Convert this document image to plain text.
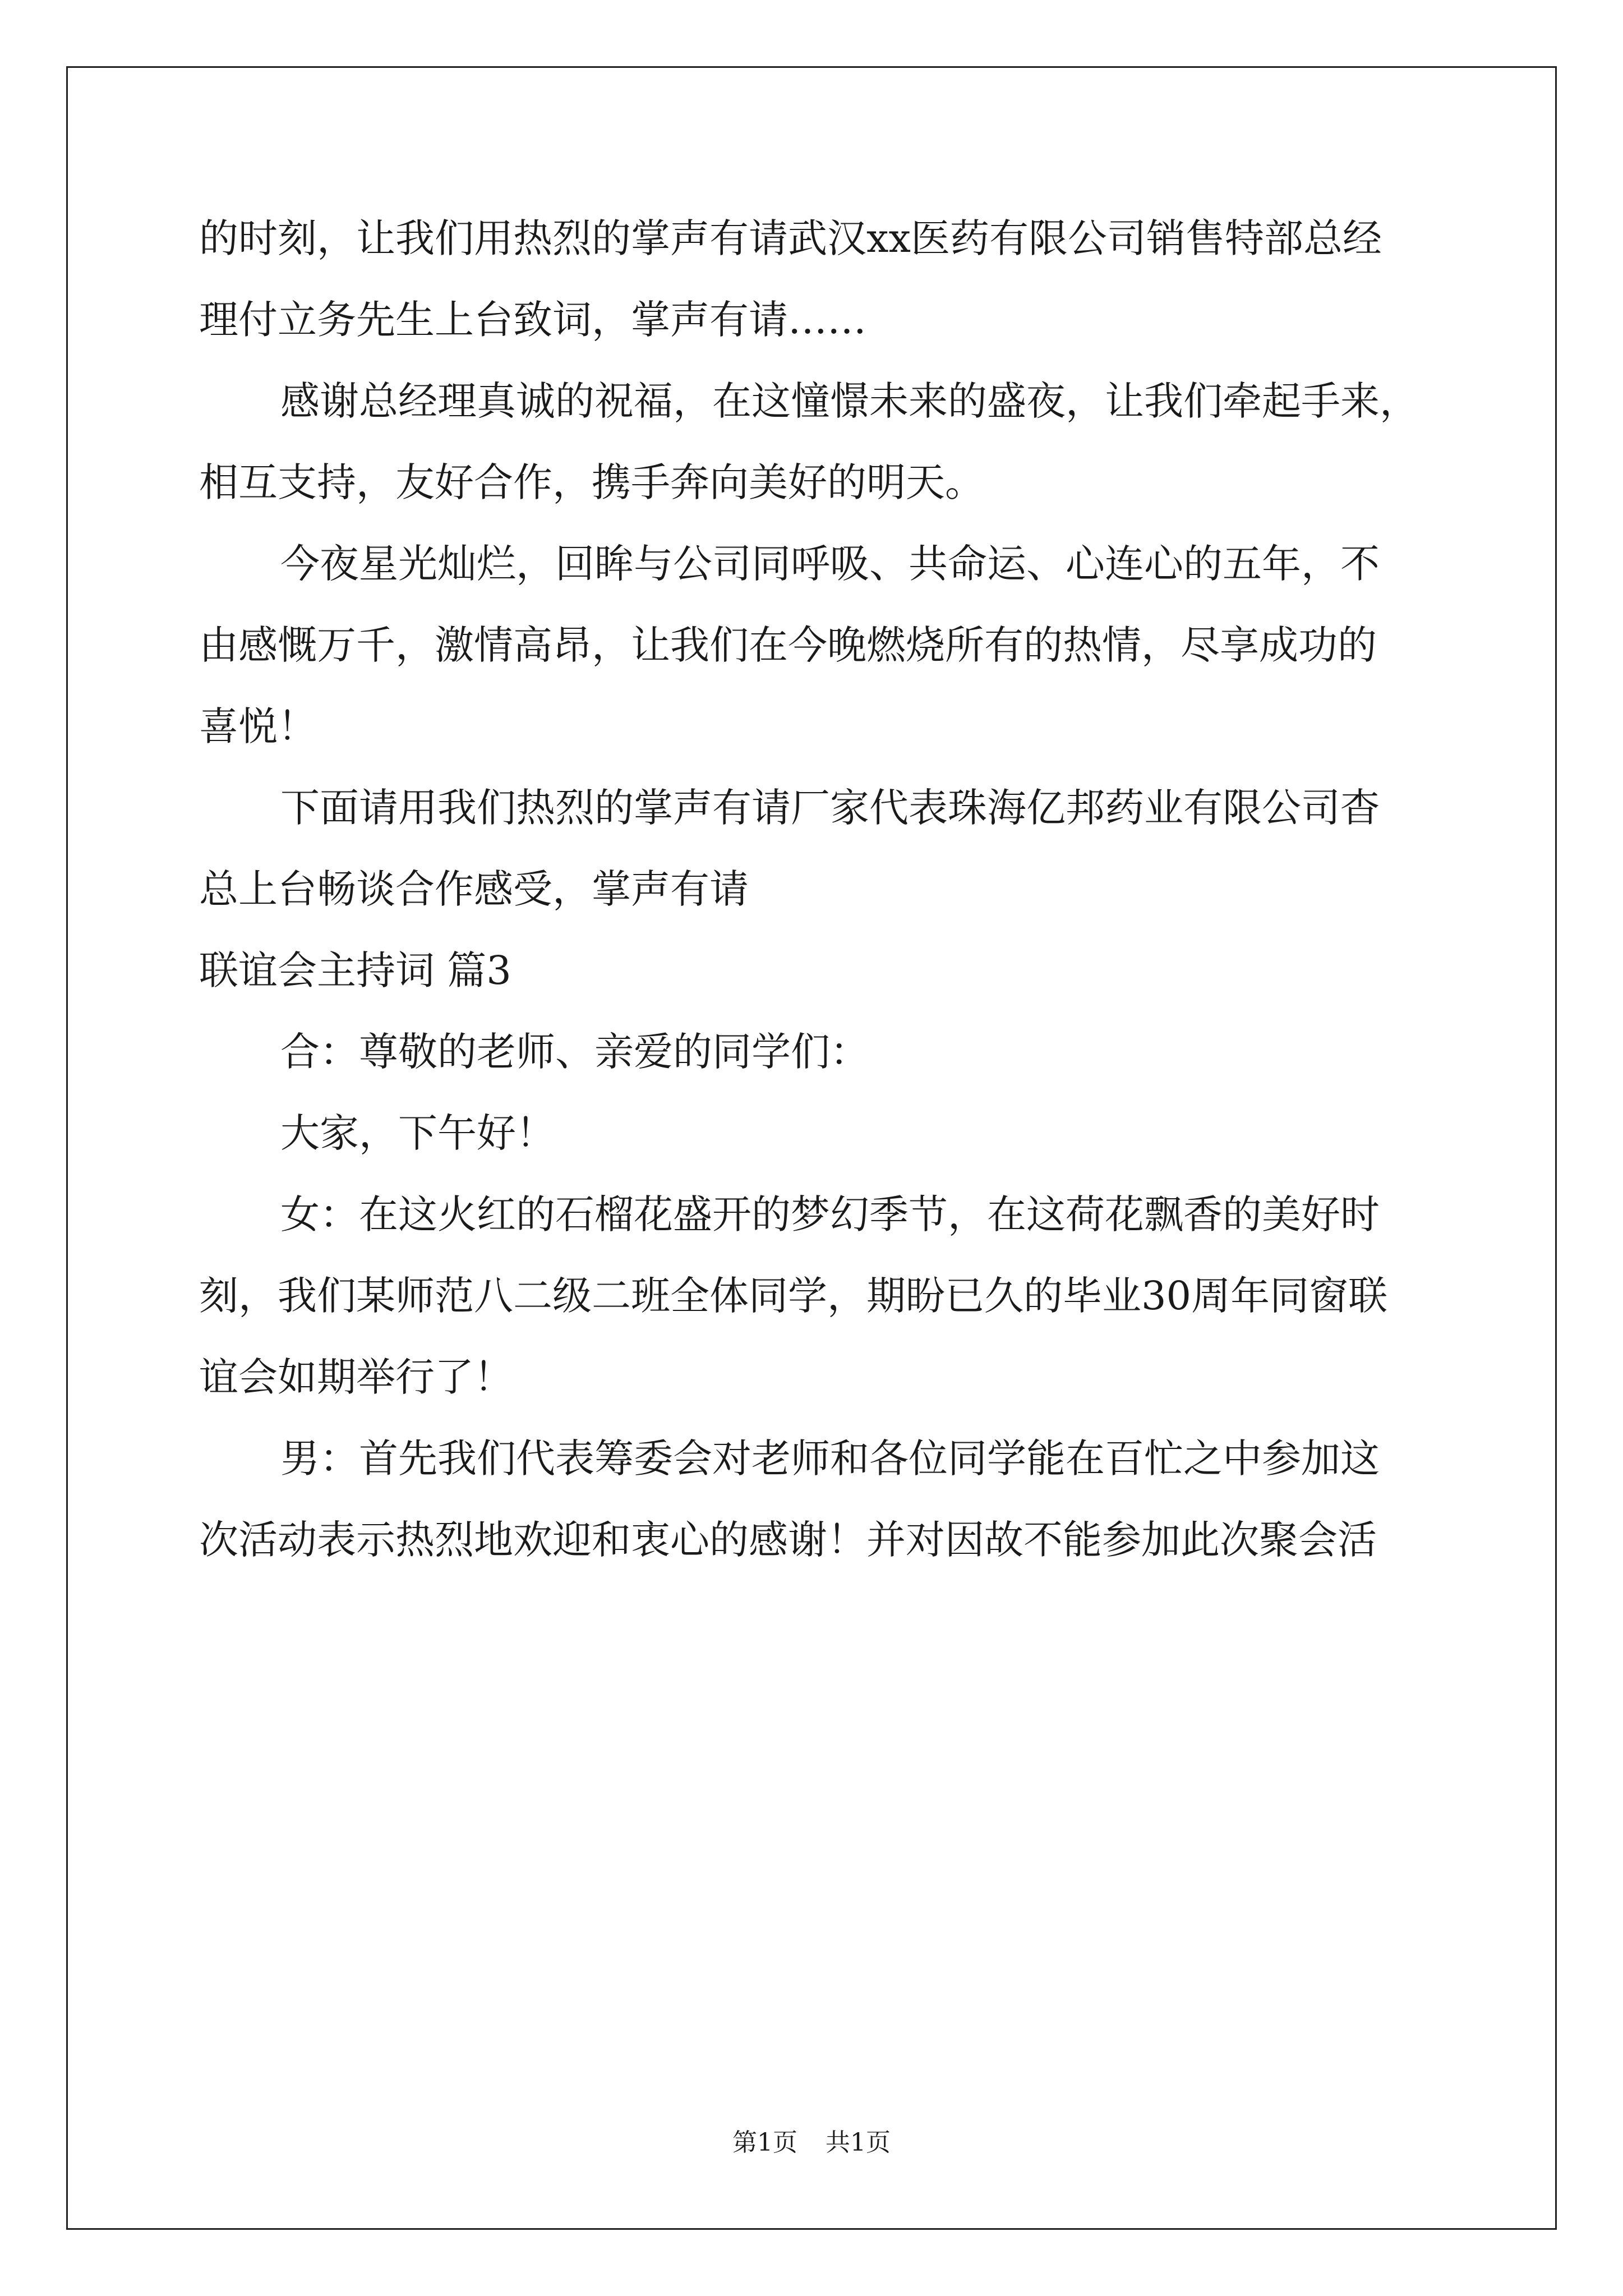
的时刻，让我们用热烈的掌声有请武汉xx医药有限公司销售特部总经
理付立务先生上台致词，掌声有请……
感谢总经理真诚的祝福，在这憧憬未来的盛夜，让我们牵起手来，
相互支持，友好合作，携手奔向美好的明天。
今夜星光灿烂，回眸与公司同呼吸、共命运、心连心的五年，不
由感慨万千，激情高昂，让我们在今晚燃烧所有的热情，尽享成功的
喜悦！
下面请用我们热烈的掌声有请厂家代表珠海亿邦药业有限公司杳
总上台畅谈合作感受，掌声有请
联谊会主持词 篇3
合：尊敬的老师、亲爱的同学们：
大家，下午好！
女：在这火红的石榴花盛开的梦幻季节，在这荷花飘香的美好时
刻，我们某师范八二级二班全体同学，期盼已久的毕业30周年同窗联
谊会如期举行了！
男：首先我们代表筹委会对老师和各位同学能在百忙之中参加这
次活动表示热烈地欢迎和衷心的感谢！并对因故不能参加此次聚会活
第1页 共1页
